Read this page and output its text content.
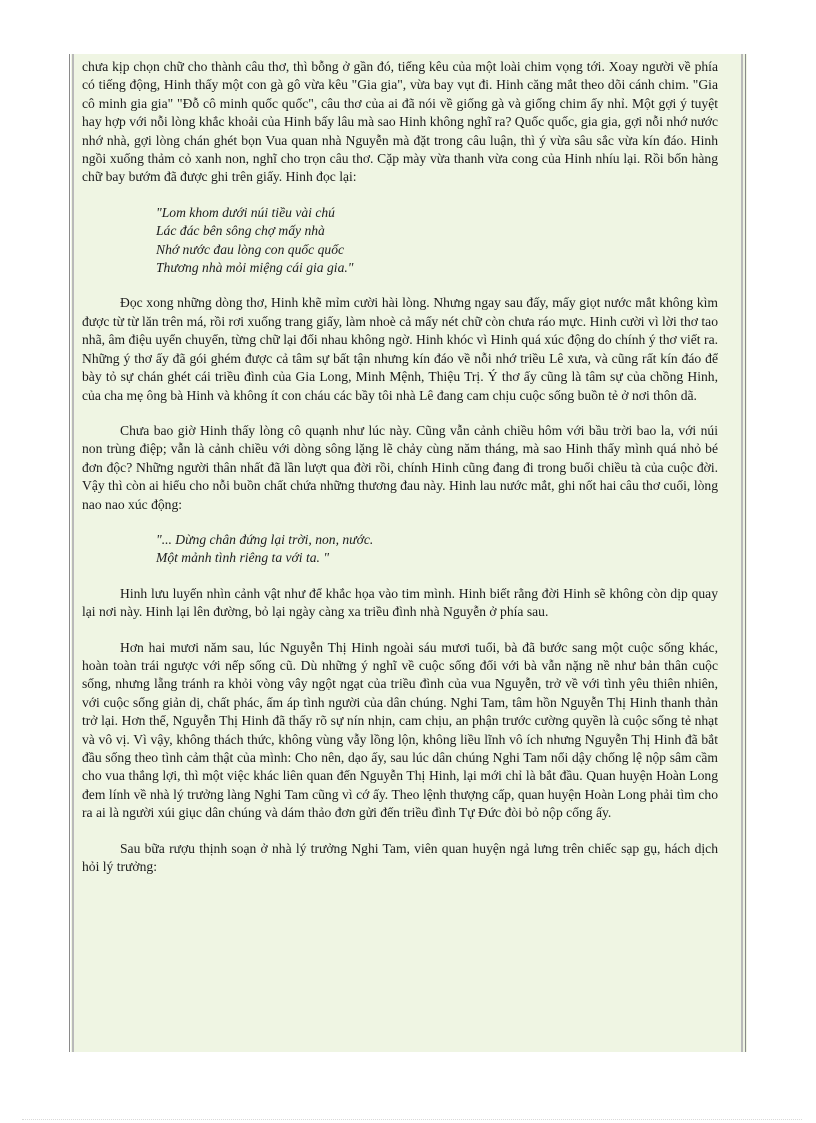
chưa kịp chọn chữ cho thành câu thơ, thì bỗng ở gần đó, tiếng kêu của một loài chim vọng tới. Xoay người về phía có tiếng động, Hinh thấy một con gà gô vừa kêu "Gia gia", vừa bay vụt đi. Hinh căng mắt theo dõi cánh chim. "Gia cô minh gia gia" "Đỗ cô minh quốc quốc", câu thơ của ai đã nói về giống gà và giống chim ấy nhỉ. Một gợi ý tuyệt hay hợp với nỗi lòng khắc khoải của Hinh bấy lâu mà sao Hinh không nghĩ ra? Quốc quốc, gia gia, gợi nỗi nhớ nước nhớ nhà, gợi lòng chán ghét bọn Vua quan nhà Nguyễn mà đặt trong câu luận, thì ý vừa sâu sắc vừa kín đáo. Hinh ngồi xuống thảm cỏ xanh non, nghĩ cho trọn câu thơ. Cặp mày vừa thanh vừa cong của Hinh nhíu lại. Rồi bốn hàng chữ bay bướm đã được ghi trên giấy. Hinh đọc lại:

"Lom khom dưới núi tiều vài chú
Lác đác bên sông chợ mấy nhà
Nhớ nước đau lòng con quốc quốc
Thương nhà mỏi miệng cái gia gia."

Đọc xong những dòng thơ, Hinh khẽ mỉm cười hài lòng. Nhưng ngay sau đấy, mấy giọt nước mắt không kìm được từ từ lăn trên má, rồi rơi xuống trang giấy, làm nhoè cả mấy nét chữ còn chưa ráo mực. Hinh cười vì lời thơ tao nhã, âm điệu uyển chuyển, từng chữ lại đối nhau không ngờ. Hinh khóc vì Hinh quá xúc động do chính ý thơ viết ra. Những ý thơ ấy đã gói ghém được cả tâm sự bất tận nhưng kín đáo về nỗi nhớ triều Lê xưa, và cũng rất kín đáo để bày tỏ sự chán ghét cái triều đình của Gia Long, Minh Mệnh, Thiệu Trị. Ý thơ ấy cũng là tâm sự của chồng Hinh, của cha mẹ ông bà Hinh và không ít con cháu các bầy tôi nhà Lê đang cam chịu cuộc sống buồn tẻ ở nơi thôn dã.

Chưa bao giờ Hinh thấy lòng cô quạnh như lúc này. Cũng vẫn cảnh chiều hôm với bầu trời bao la, với núi non trùng điệp; vẫn là cảnh chiều với dòng sông lặng lẽ chảy cùng năm tháng, mà sao Hinh thấy mình quá nhỏ bé đơn độc? Những người thân nhất đã lần lượt qua đời rồi, chính Hinh cũng đang đi trong buổi chiều tà của cuộc đời. Vậy thì còn ai hiểu cho nỗi buồn chất chứa những thương đau này. Hinh lau nước mắt, ghi nốt hai câu thơ cuối, lòng nao nao xúc động:

"... Dừng chân đứng lại trời, non, nước.
Một mảnh tình riêng ta với ta. "

Hinh lưu luyến nhìn cảnh vật như để khắc họa vào tim mình. Hinh biết rằng đời Hinh sẽ không còn dịp quay lại nơi này. Hinh lại lên đường, bỏ lại ngày càng xa triều đình nhà Nguyễn ở phía sau.

Hơn hai mươi năm sau, lúc Nguyễn Thị Hinh ngoài sáu mươi tuổi, bà đã bước sang một cuộc sống khác, hoàn toàn trái ngược với nếp sống cũ. Dù những ý nghĩ về cuộc sống đối với bà vẫn nặng nề như bản thân cuộc sống, nhưng lẵng tránh ra khỏi vòng vây ngột ngạt của triều đình của vua Nguyễn, trở về với tình yêu thiên nhiên, với cuộc sống giản dị, chất phác, ấm áp tình người của dân chúng. Nghi Tam, tâm hồn Nguyễn Thị Hinh thanh thản trở lại. Hơn thế, Nguyễn Thị Hinh đã thấy rõ sự nín nhịn, cam chịu, an phận trước cường quyền là cuộc sống tẻ nhạt và vô vị. Vì vậy, không thách thức, không vùng vẫy lồng lộn, không liều lĩnh vô ích nhưng Nguyễn Thị Hinh đã bắt đầu sống theo tình cảm thật của mình: Cho nên, dạo ấy, sau lúc dân chúng Nghi Tam nổi dậy chống lệ nộp sâm cầm cho vua thắng lợi, thì một việc khác liên quan đến Nguyễn Thị Hinh, lại mới chỉ là bắt đầu. Quan huyện Hoàn Long đem lính về nhà lý trưởng làng Nghi Tam cũng vì cớ ấy. Theo lệnh thượng cấp, quan huyện Hoàn Long phải tìm cho ra ai là người xúi giục dân chúng và dám thảo đơn gửi đến triều đình Tự Đức đòi bỏ nộp cống ấy.

Sau bữa rượu thịnh soạn ở nhà lý trưởng Nghi Tam, viên quan huyện ngả lưng trên chiếc sạp gụ, hách dịch hỏi lý trưởng:
